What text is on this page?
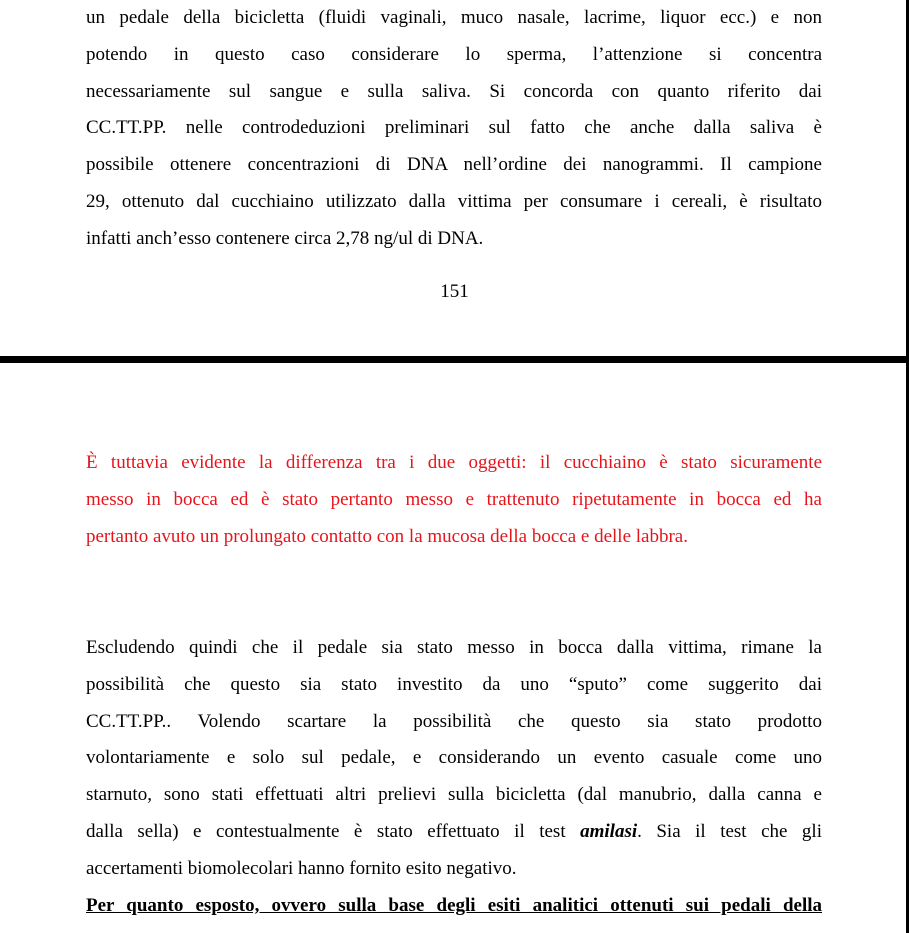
un pedale della bicicletta (fluidi vaginali, muco nasale, lacrime, liquor ecc.) e non
potendo in questo caso considerare lo sperma, l’attenzione si concentra
necessariamente sul sangue e sulla saliva. Si concorda con quanto riferito dai
CC.TT.PP. nelle controdeduzioni preliminari sul fatto che anche dalla saliva è
possibile ottenere concentrazioni di DNA nell’ordine dei nanogrammi. Il campione
29, ottenuto dal cucchiaino utilizzato dalla vittima per consumare i cereali, è risultato
infatti anch’esso contenere circa 2,78 ng/ul di DNA.
151
È tuttavia evidente la differenza tra i due oggetti: il cucchiaino è stato sicuramente
messo in bocca ed è stato pertanto messo e trattenuto ripetutamente in bocca ed ha
pertanto avuto un prolungato contatto con la mucosa della bocca e delle labbra.
Escludendo quindi che il pedale sia stato messo in bocca dalla vittima, rimane la
possibilità che questo sia stato investito da uno “sputo” come suggerito dai
CC.TT.PP.. Volendo scartare la possibilità che questo sia stato prodotto
volontariamente e solo sul pedale, e considerando un evento casuale come uno
starnuto, sono stati effettuati altri prelievi sulla bicicletta (dal manubrio, dalla canna e
dalla sella) e contestualmente è stato effettuato il test amilasi. Sia il test che gli
accertamenti biomolecolari hanno fornito esito negativo.
Per quanto esposto, ovvero sulla base degli esiti analitici ottenuti sui pedali della
